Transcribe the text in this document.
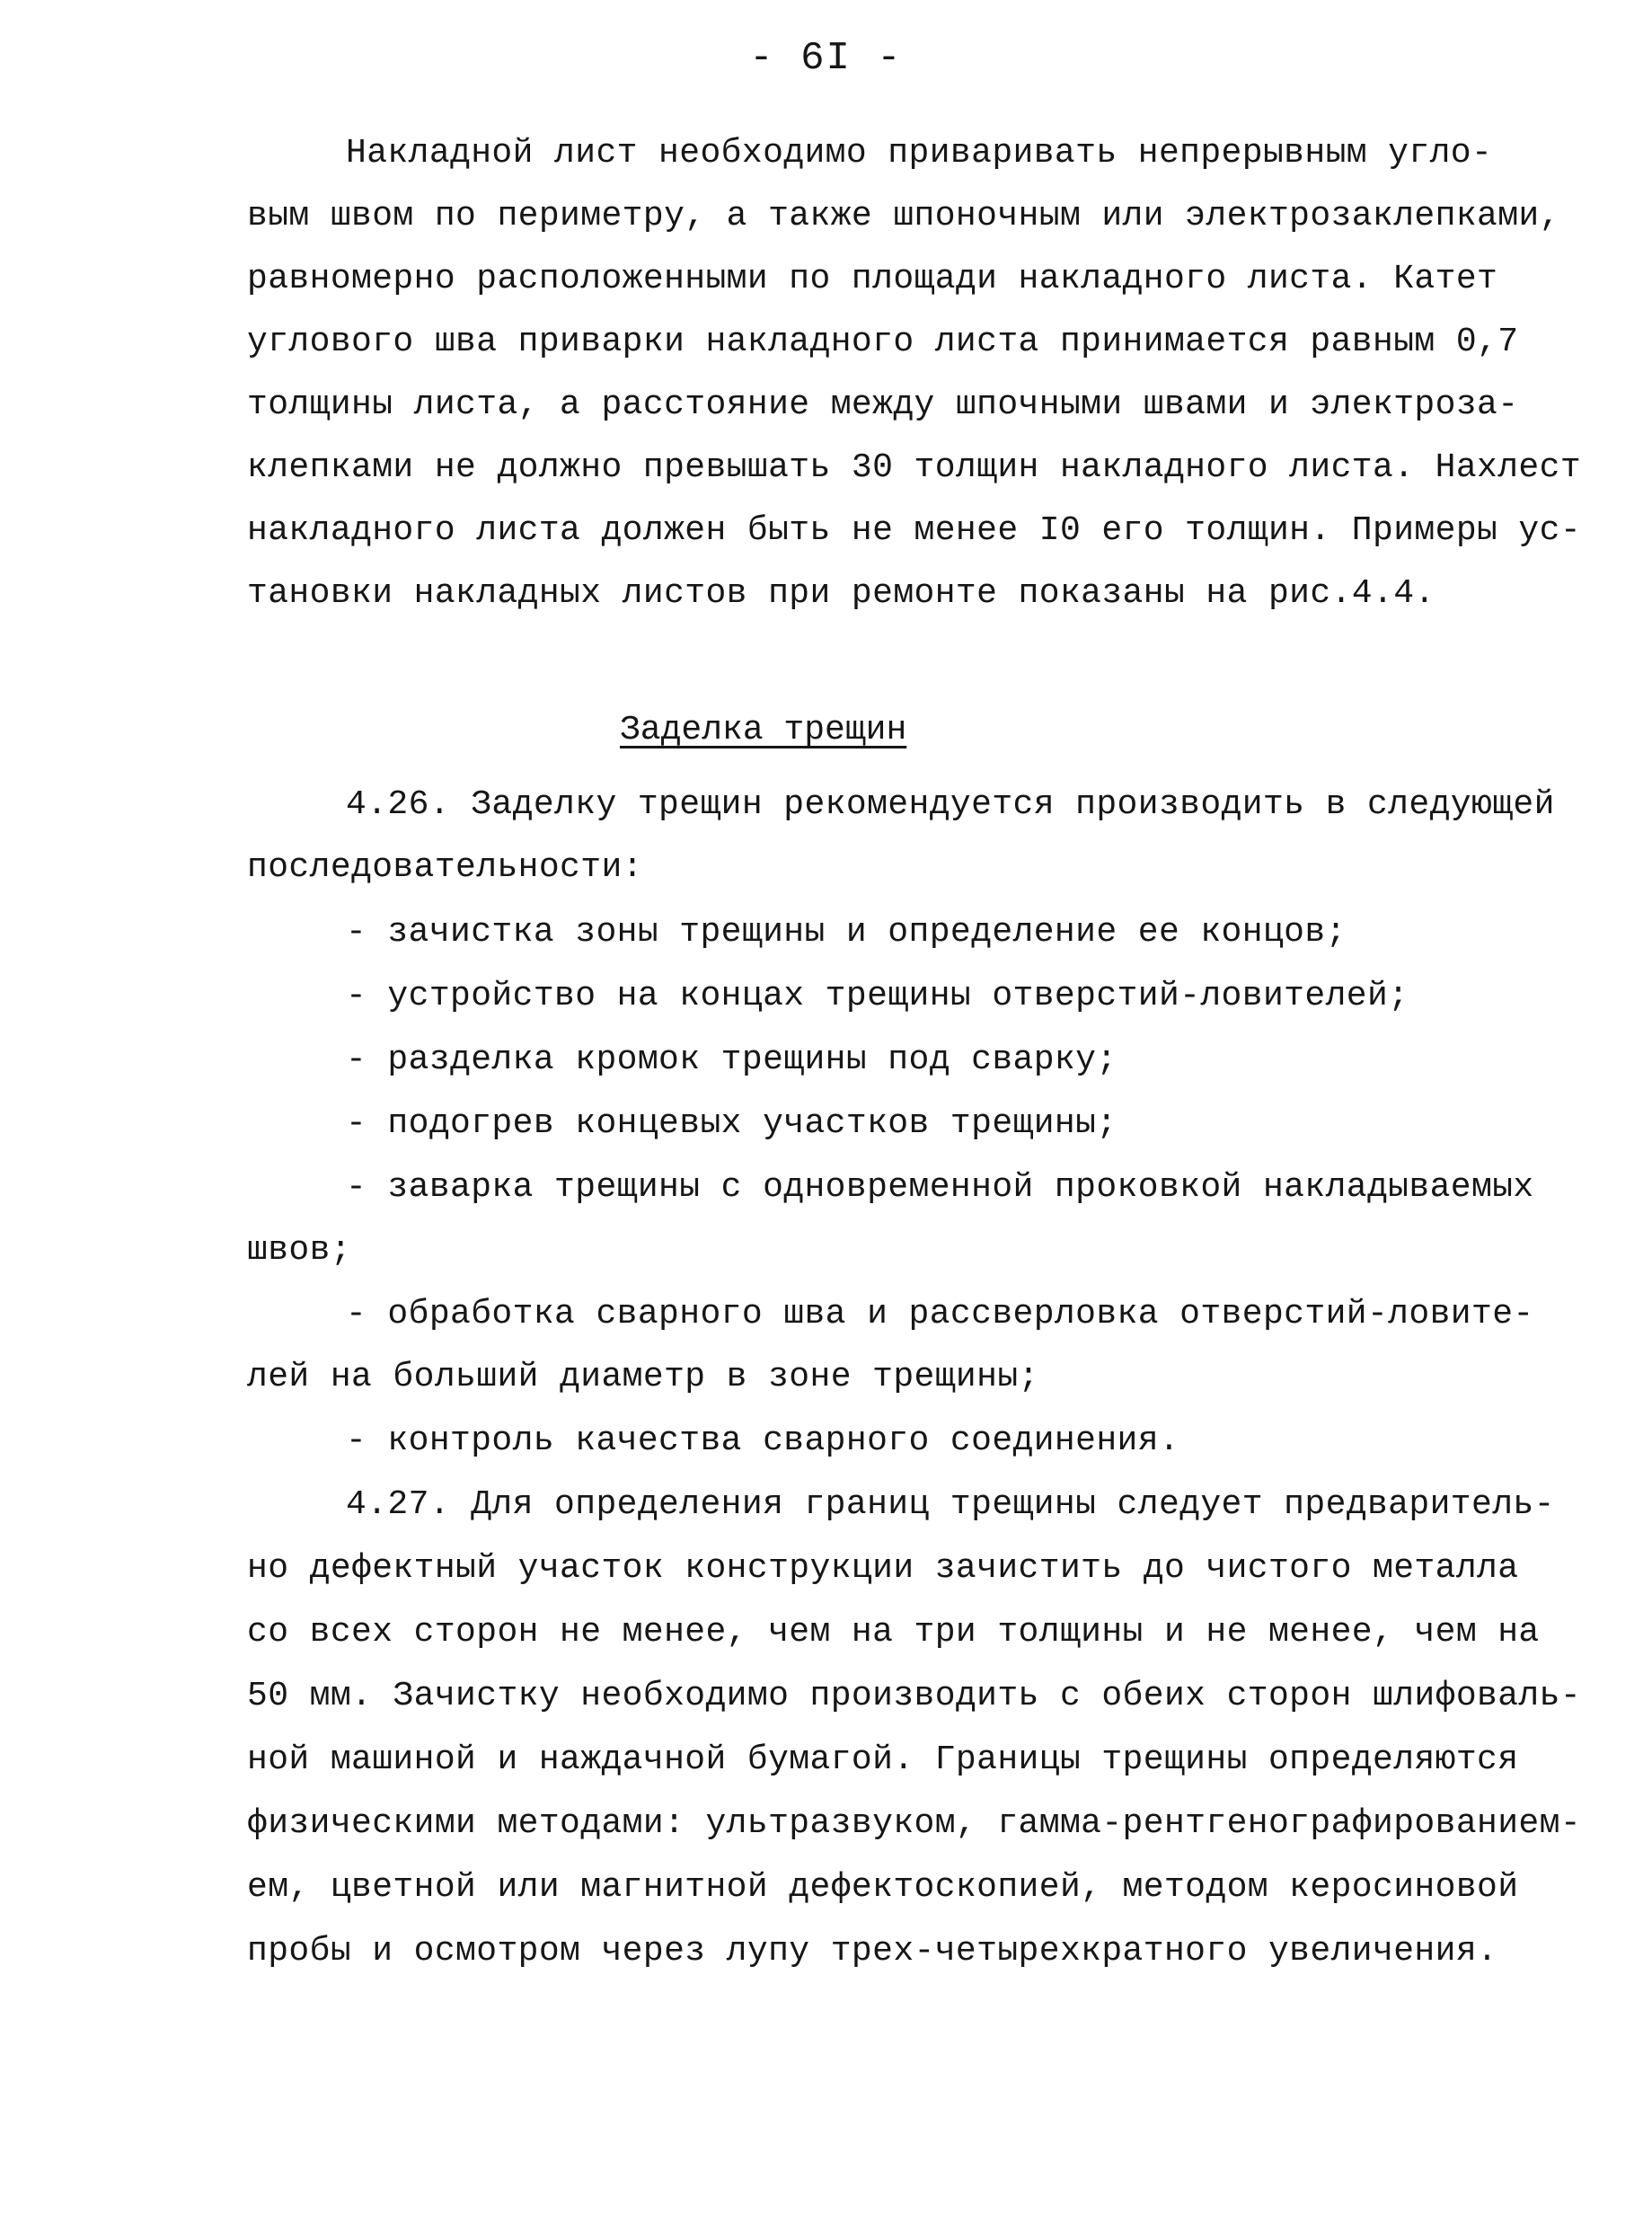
- 6I -
Накладной лист необходимо приваривать непрерывным угло-
вым швом по периметру, а также шпоночным или электрозаклепками,
равномерно расположенными по площади накладного листа. Катет
углового шва приварки накладного листа принимается равным 0,7
толщины листа, а расстояние между шпочными швами и электроза-
клепками не должно превышать 30 толщин накладного листа. Нахлест
накладного листа должен быть не менее I0 его толщин. Примеры ус-
тановки накладных листов при ремонте показаны на рис.4.4.
Заделка трещин
4.26. Заделку трещин рекомендуется производить в следующей
последовательности:
- зачистка зоны трещины и определение ее концов;
- устройство на концах трещины отверстий-ловителей;
- разделка кромок трещины под сварку;
- подогрев концевых участков трещины;
- заварка трещины с одновременной проковкой накладываемых
швов;
- обработка сварного шва и рассверловка отверстий-ловите-
лей на больший диаметр в зоне трещины;
- контроль качества сварного соединения.
4.27. Для определения границ трещины следует предваритель-
но дефектный участок конструкции зачистить до чистого металла
со всех сторон не менее, чем на три толщины и не менее, чем на
50 мм. Зачистку необходимо производить с обеих сторон шлифоваль-
ной машиной и наждачной бумагой. Границы трещины определяются
физическими методами: ультразвуком, гамма-рентгенографированием-
ем, цветной или магнитной дефектоскопией, методом керосиновой
пробы и осмотром через лупу трех-четырехкратного увеличения.
